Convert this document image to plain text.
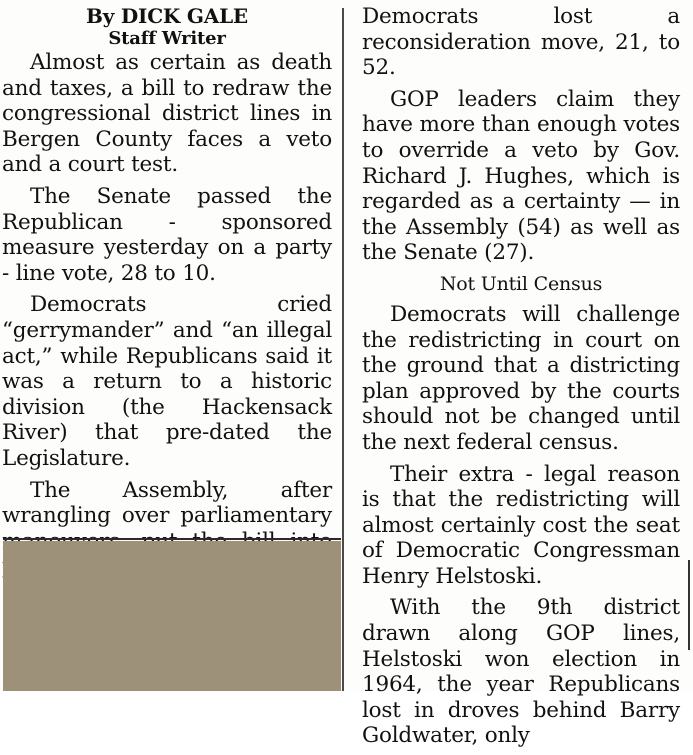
By DICK GALE

Staff Writer

Almost as certain as death and taxes, a bill to redraw the congressional district lines in Bergen County faces a veto and a court test.

The Senate passed the Republican - sponsored measure yesterday on a party - line vote, 28 to 10.

Democrats cried “gerrymander” and “an illegal act,” while Republicans said it was a return to a historic division (the Hackensack River) that pre-dated the Legislature.

The Assembly, after wrangling over parliamentary

Democrats lost a reconsideration move, 21, to 52.

GOP leaders claim they have more than enough votes to override a veto by Gov. Richard J. Hughes, which is regarded as a certainty — in the Assembly (54) as well as the Senate (27).

Not Until Census

Democrats will challenge the redistricting in court on the ground that a districting plan approved by the courts should not be changed until the next federal census.

Their extra - legal reason is that the redistricting will almost certainly cost the seat of Democratic Congressman Henry Helstoski.

With the 9th district drawn along GOP lines, Helstoski won election in 1964, the year Republicans lost in droves behind Barry Goldwater, only
